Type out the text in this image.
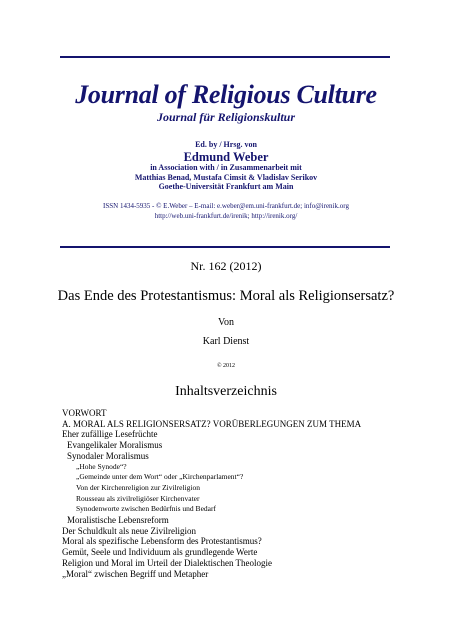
Journal of Religious Culture
Journal für Religionskultur
Ed. by / Hrsg. von
Edmund Weber
in Association with / in Zusammenarbeit mit
Matthias Benad, Mustafa Cimsit & Vladislav Serikov
Goethe-Universität Frankfurt am Main
ISSN 1434-5935 - © E.Weber – E-mail: e.weber@em.uni-frankfurt.de; info@irenik.org
http://web.uni-frankfurt.de/irenik; http://irenik.org/
Nr. 162 (2012)
Das Ende des Protestantismus: Moral als Religionsersatz?
Von
Karl Dienst
© 2012
Inhaltsverzeichnis
VORWORT
A. MORAL ALS RELIGIONSERSATZ? VORÜBERLEGUNGEN ZUM THEMA
Eher zufällige Lesefrüchte
Evangelikaler Moralismus
Synodaler Moralismus
„Hohe Synode“?
„Gemeinde unter dem Wort“ oder „Kirchenparlament“?
Von der Kirchenreligion zur Zivilreligion
Rousseau als zivilreligiöser Kirchenvater
Synodenworte zwischen Bedürfnis und Bedarf
Moralistische Lebensreform
Der Schuldkult als neue Zivilreligion
Moral als spezifische Lebensform des Protestantismus?
Gemüt, Seele und Individuum als grundlegende Werte
Religion und Moral im Urteil der Dialektischen Theologie
„Moral“ zwischen Begriff und Metapher
